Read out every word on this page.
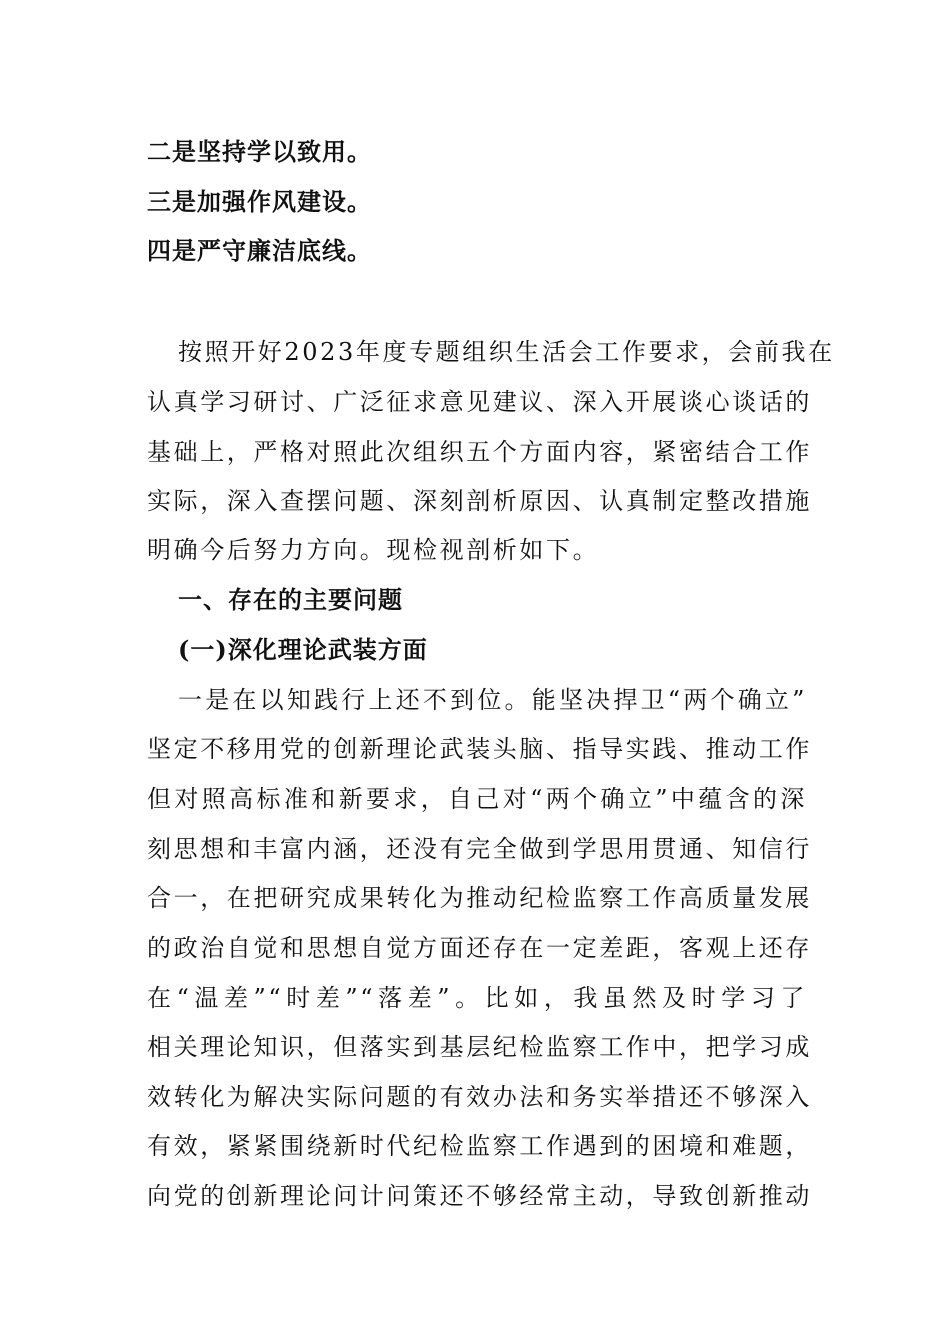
二是坚持学以致用。
三是加强作风建设。
四是严守廉洁底线。
按照开好2023年度专题组织生活会工作要求，会前我在
认真学习研讨、广泛征求意见建议、深入开展谈心谈话的
基础上，严格对照此次组织五个方面内容，紧密结合工作
实际，深入查摆问题、深刻剖析原因、认真制定整改措施
明确今后努力方向。现检视剖析如下。
一、存在的主要问题
(一)深化理论武装方面
一是在以知践行上还不到位。能坚决捍卫“两个确立”
坚定不移用党的创新理论武装头脑、指导实践、推动工作
但对照高标准和新要求，自己对“两个确立”中蕴含的深
刻思想和丰富内涵，还没有完全做到学思用贯通、知信行
合一，在把研究成果转化为推动纪检监察工作高质量发展
的政治自觉和思想自觉方面还存在一定差距，客观上还存
在“温差”“时差”“落差”。比如，我虽然及时学习了
相关理论知识，但落实到基层纪检监察工作中，把学习成
效转化为解决实际问题的有效办法和务实举措还不够深入
有效，紧紧围绕新时代纪检监察工作遇到的困境和难题，
向党的创新理论问计问策还不够经常主动，导致创新推动
